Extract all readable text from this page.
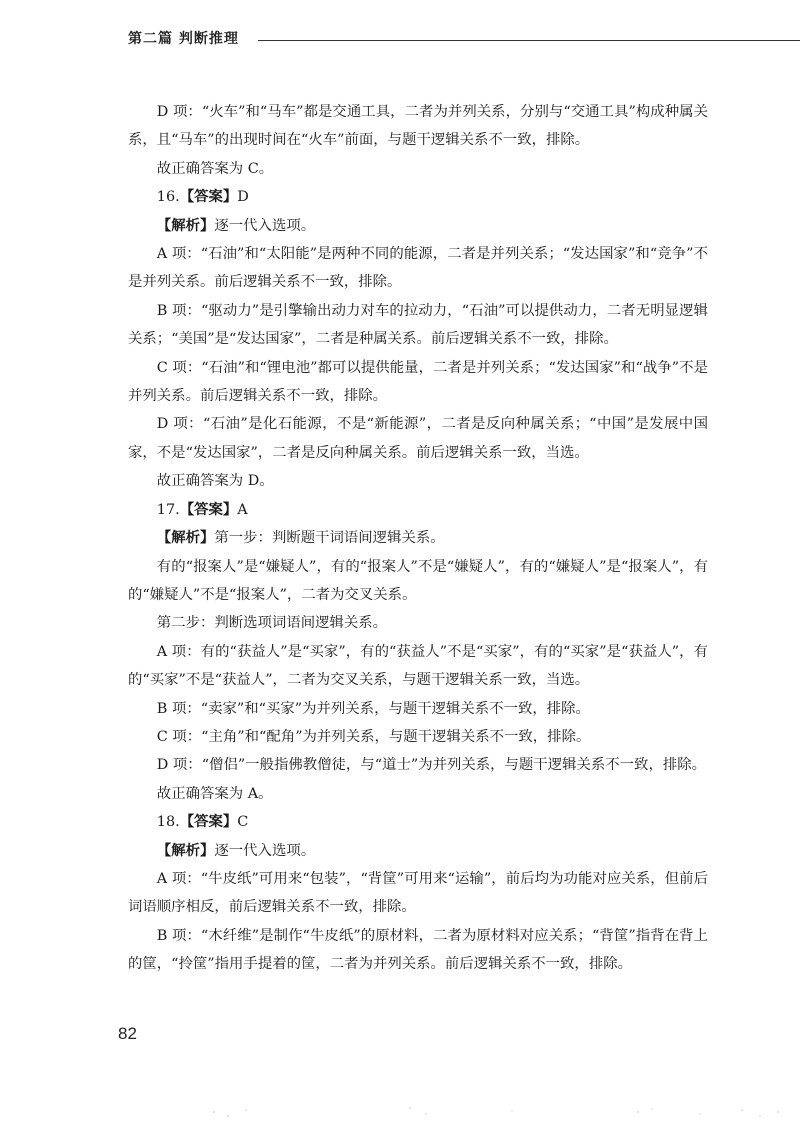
第二篇 判断推理

D 项：“火车”和“马车”都是交通工具，二者为并列关系，分别与“交通工具”构成种属关系，且“马车”的出现时间在“火车”前面，与题干逻辑关系不一致，排除。

故正确答案为 C。

16.【答案】D

【解析】逐一代入选项。

A 项：“石油”和“太阳能”是两种不同的能源，二者是并列关系；“发达国家”和“竞争”不是并列关系。前后逻辑关系不一致，排除。

B 项：“驱动力”是引擎输出动力对车的拉动力，“石油”可以提供动力，二者无明显逻辑关系；“美国”是“发达国家”，二者是种属关系。前后逻辑关系不一致，排除。

C 项：“石油”和“锂电池”都可以提供能量，二者是并列关系；“发达国家”和“战争”不是并列关系。前后逻辑关系不一致，排除。

D 项：“石油”是化石能源，不是“新能源”，二者是反向种属关系；“中国”是发展中国家，不是“发达国家”，二者是反向种属关系。前后逻辑关系一致，当选。

故正确答案为 D。

17.【答案】A

【解析】第一步：判断题干词语间逻辑关系。

有的“报案人”是“嫌疑人”，有的“报案人”不是“嫌疑人”，有的“嫌疑人”是“报案人”，有的“嫌疑人”不是“报案人”，二者为交叉关系。

第二步：判断选项词语间逻辑关系。

A 项：有的“获益人”是“买家”，有的“获益人”不是“买家”，有的“买家”是“获益人”，有的“买家”不是“获益人”，二者为交叉关系，与题干逻辑关系一致，当选。

B 项：“卖家”和“买家”为并列关系，与题干逻辑关系不一致，排除。

C 项：“主角”和“配角”为并列关系，与题干逻辑关系不一致，排除。

D 项：“僧侣”一般指佛教僧徒，与“道士”为并列关系，与题干逻辑关系不一致，排除。

故正确答案为 A。

18.【答案】C

【解析】逐一代入选项。

A 项：“牛皮纸”可用来“包装”，“背筐”可用来“运输”，前后均为功能对应关系，但前后词语顺序相反，前后逻辑关系不一致，排除。

B 项：“木纤维”是制作“牛皮纸”的原材料，二者为原材料对应关系；“背筐”指背在背上的筐，“拎筐”指用手提着的筐，二者为并列关系。前后逻辑关系不一致，排除。

82
